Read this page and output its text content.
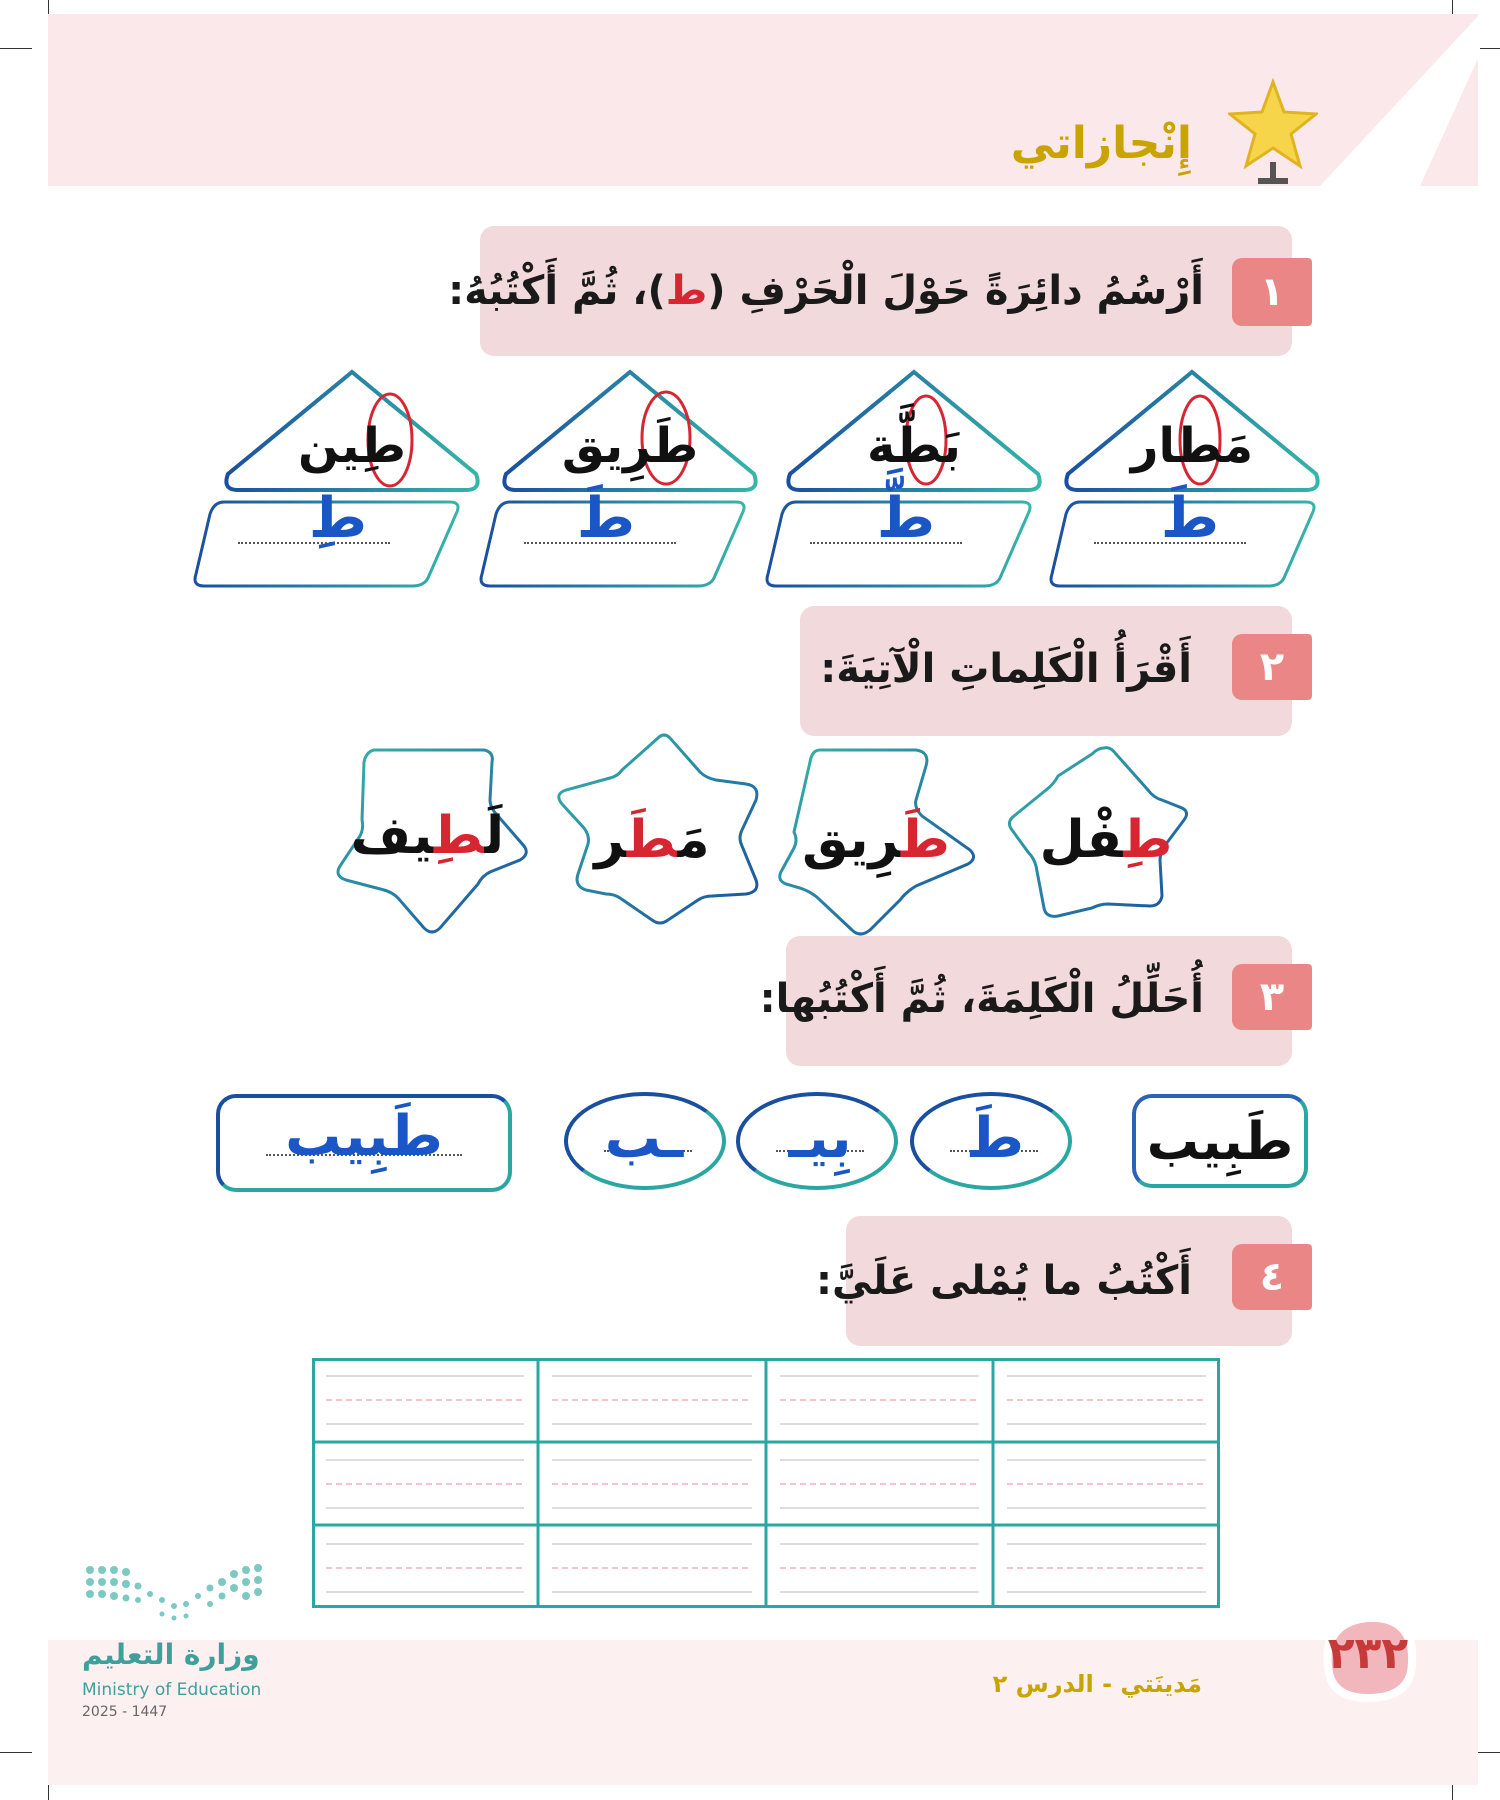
إِنْجازاتي
١
أَرْسُمُ دائِرَةً حَوْلَ الْحَرْفِ (ط)، ثُمَّ أَكْتُبُهُ:
مَطار
بَطَّة
طَرِيق
طِين
طَ
طَّ
طَ
طِ
٢
أَقْرَأُ الْكَلِماتِ الْآتِيَةَ:
طِفْل
طَرِيق
مَطَر
لَطِيف
٣
أُحَلِّلُ الْكَلِمَةَ، ثُمَّ أَكْتُبُها:
طَبِيب
طَ
بِيـ
ـب
طَبِيب
٤
أَكْتُبُ ما يُمْلى عَلَيَّ:
٢٣٢
مَدينَتي - الدرس ٢
وزارة التعليم
Ministry of Education
2025 - 1447
